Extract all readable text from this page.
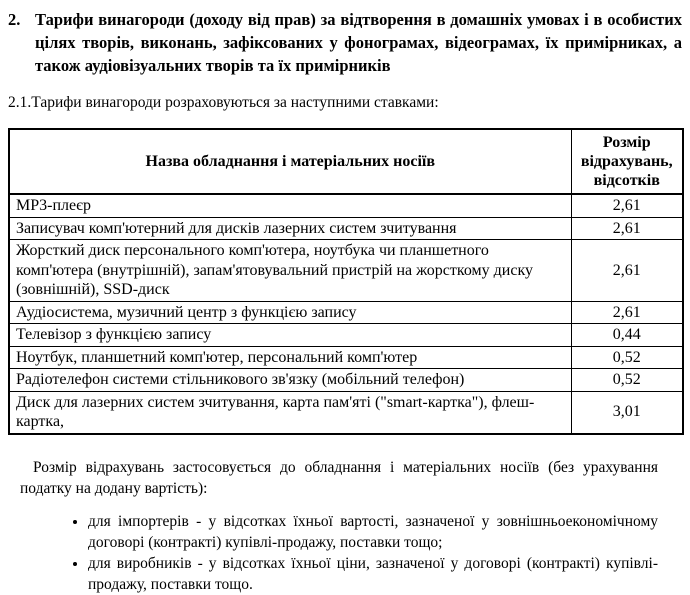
2. Тарифи винагороди (доходу від прав) за відтворення в домашніх умовах і в особистих цілях творів, виконань, зафіксованих у фонограмах, відеограмах, їх примірниках, а також аудіовізуальних творів та їх примірників
2.1.Тарифи винагороди розраховуються за наступними ставками:
Назва обладнання і матеріальних носіїв	Розмір відрахувань, відсотків
MP3-плеєр	2,61
Записувач комп'ютерний для дисків лазерних систем зчитування	2,61
Жорсткий диск персонального комп'ютера, ноутбука чи планшетного комп'ютера (внутрішній), запам'ятовувальний пристрій на жорсткому диску (зовнішній), SSD-диск	2,61
Аудіосистема, музичний центр з функцією запису	2,61
Телевізор з функцією запису	0,44
Ноутбук, планшетний комп'ютер, персональний комп'ютер	0,52
Радіотелефон системи стільникового зв'язку (мобільний телефон)	0,52
Диск для лазерних систем зчитування, карта пам'яті ("smart-картка"), флеш-картка,	3,01
Розмір відрахувань застосовується до обладнання і матеріальних носіїв (без урахування податку на додану вартість):
• для імпортерів - у відсотках їхньої вартості, зазначеної у зовнішньоекономічному договорі (контракті) купівлі-продажу, поставки тощо;
• для виробників - у відсотках їхньої ціни, зазначеної у договорі (контракті) купівлі-продажу, поставки тощо.
